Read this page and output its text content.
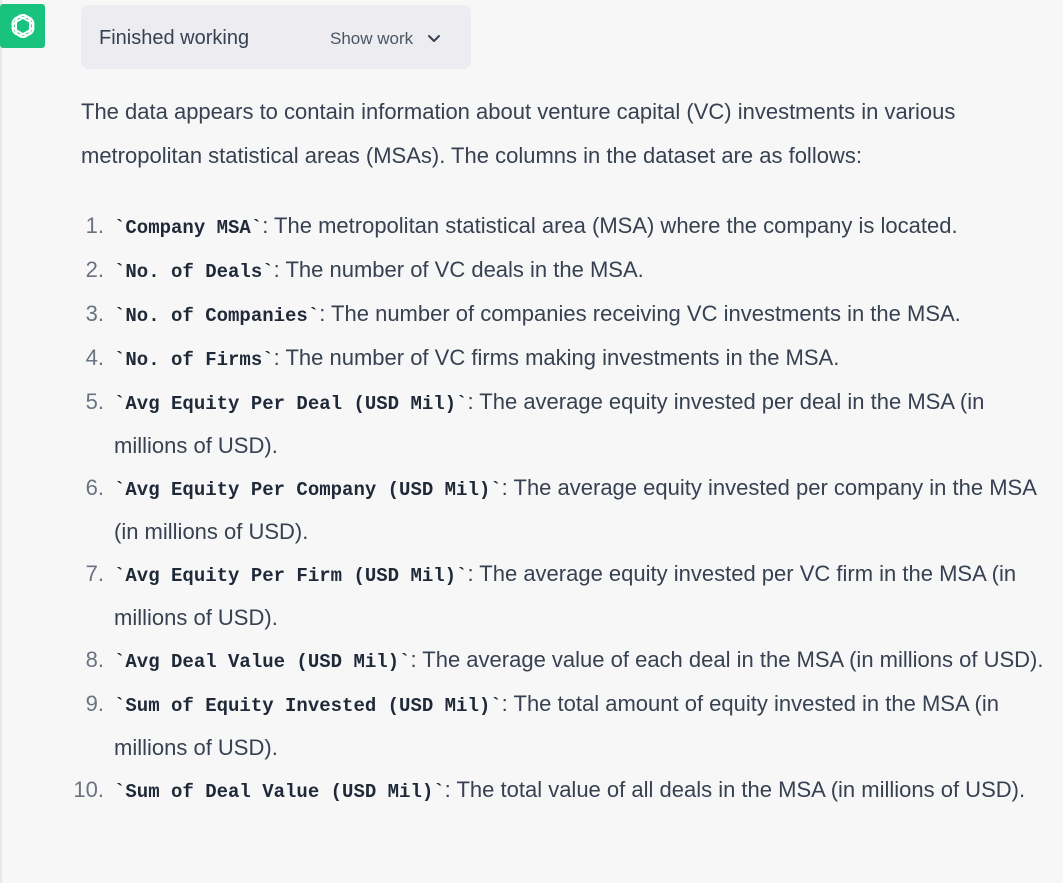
Finished working	Show work

The data appears to contain information about venture capital (VC) investments in various metropolitan statistical areas (MSAs). The columns in the dataset are as follows:

1. `Company MSA`: The metropolitan statistical area (MSA) where the company is located.
2. `No. of Deals`: The number of VC deals in the MSA.
3. `No. of Companies`: The number of companies receiving VC investments in the MSA.
4. `No. of Firms`: The number of VC firms making investments in the MSA.
5. `Avg Equity Per Deal (USD Mil)`: The average equity invested per deal in the MSA (in millions of USD).
6. `Avg Equity Per Company (USD Mil)`: The average equity invested per company in the MSA (in millions of USD).
7. `Avg Equity Per Firm (USD Mil)`: The average equity invested per VC firm in the MSA (in millions of USD).
8. `Avg Deal Value (USD Mil)`: The average value of each deal in the MSA (in millions of USD).
9. `Sum of Equity Invested (USD Mil)`: The total amount of equity invested in the MSA (in millions of USD).
10. `Sum of Deal Value (USD Mil)`: The total value of all deals in the MSA (in millions of USD).
